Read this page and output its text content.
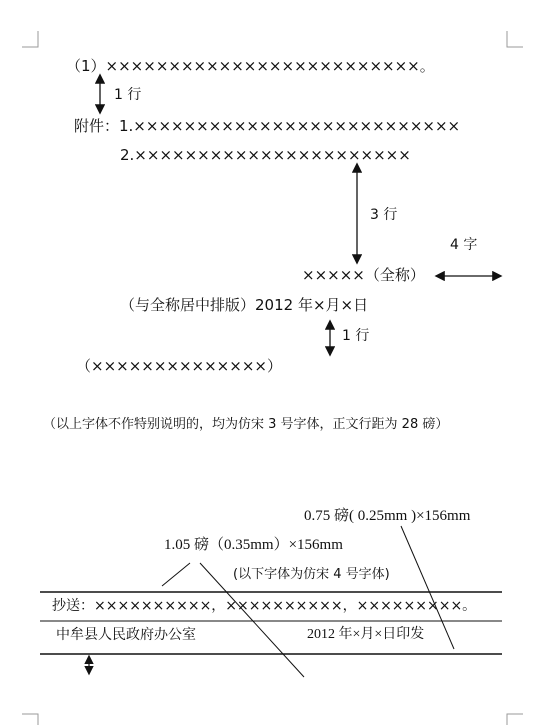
（1）×××××××××××××××××××××××××。
1 行
附件：1.××××××××××××××××××××××××××
2.××××××××××××××××××××××
3 行
4 字
×××××（全称）
（与全称居中排版）2012 年×月×日
1 行
（××××××××××××××）
（以上字体不作特别说明的，均为仿宋 3 号字体，正文行距为 28 磅）
0.75 磅( 0.25mm )×156mm
1.05 磅（0.35mm）×156mm
(以下字体为仿宋 4 号字体)
抄送：××××××××××，××××××××××，×××××××××。
中牟县人民政府办公室	2012 年×月×日印发
